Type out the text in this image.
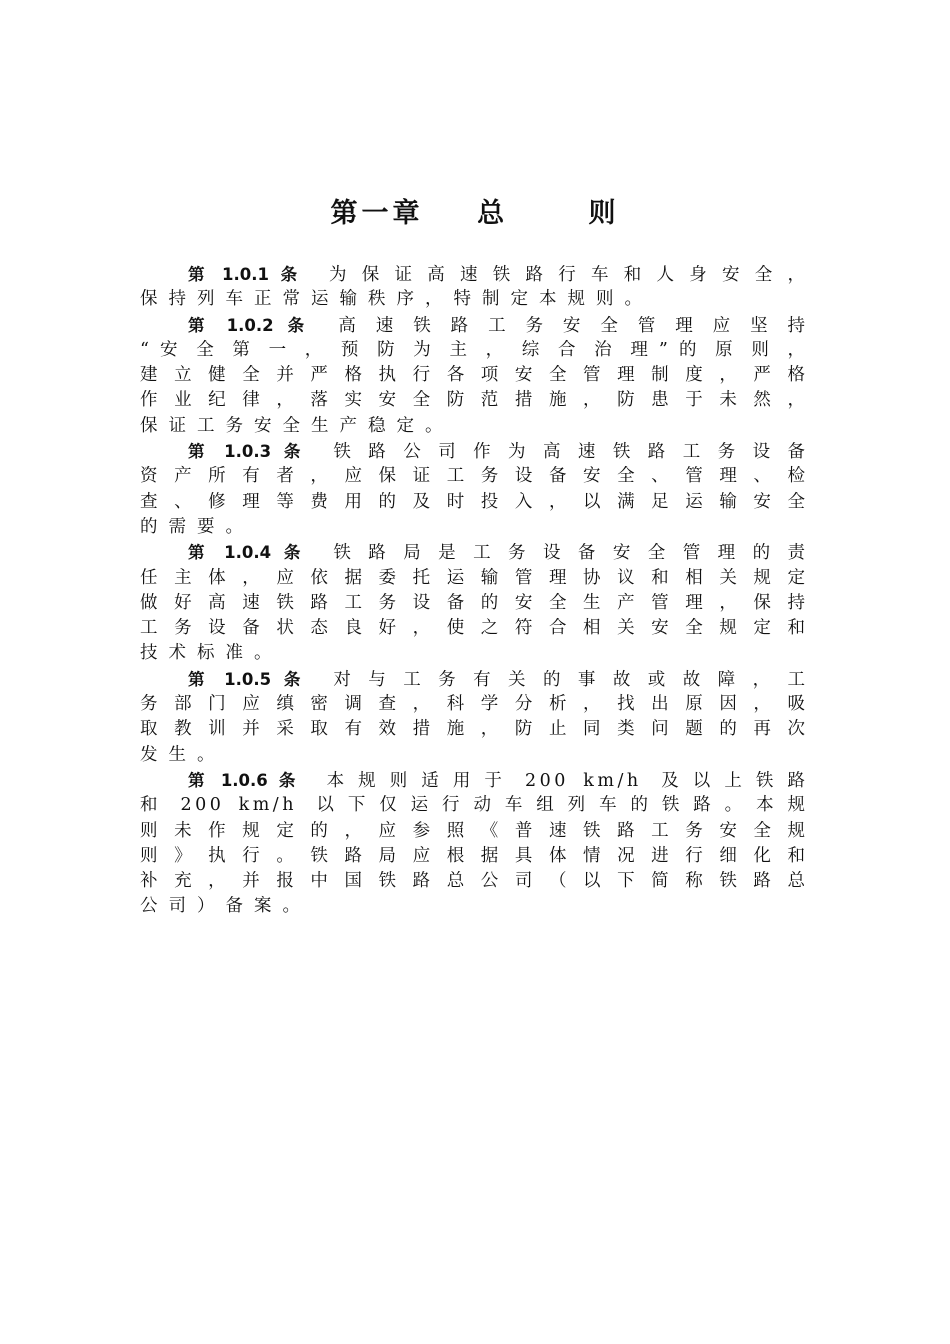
第一章    总      则
第 1.0.1 条 为 保 证 高 速 铁 路 行 车 和 人 身 安 全 ，
保持列车正常运输秩序，特制定本规则。
第 1.0.2 条 高 速 铁 路 工 务 安 全 管 理 应 坚 持
“ 安 全 第 一 ， 预 防 为 主 ， 综 合 治 理 ” 的 原 则 ，
建 立 健 全 并 严 格 执 行 各 项 安 全 管 理 制 度 ， 严 格
作 业 纪 律 ， 落 实 安 全 防 范 措 施 ， 防 患 于 未 然 ，
保证工务安全生产稳定。
第 1.0.3 条 铁 路 公 司 作 为 高 速 铁 路 工 务 设 备
资 产 所 有 者 ， 应 保 证 工 务 设 备 安 全 、 管 理 、 检
查 、 修 理 等 费 用 的 及 时 投 入 ， 以 满 足 运 输 安 全
的需要。
第 1.0.4 条 铁 路 局 是 工 务 设 备 安 全 管 理 的 责
任 主 体 ， 应 依 据 委 托 运 输 管 理 协 议 和 相 关 规 定
做 好 高 速 铁 路 工 务 设 备 的 安 全 生 产 管 理 ， 保 持
工 务 设 备 状 态 良 好 ， 使 之 符 合 相 关 安 全 规 定 和
技术标准。
第 1.0.5 条 对 与 工 务 有 关 的 事 故 或 故 障 ， 工
务 部 门 应 缜 密 调 查 ， 科 学 分 析 ， 找 出 原 因 ， 吸
取 教 训 并 采 取 有 效 措 施 ， 防 止 同 类 问 题 的 再 次
发生。
第 1.0.6 条 本 规 则 适 用 于   2 0 0   k m / h   及 以 上 铁 路
和   2 0 0   k m / h   以 下 仅 运 行 动 车 组 列 车 的 铁 路 。 本 规
则 未 作 规 定 的 ， 应 参 照 《 普 速 铁 路 工 务 安 全 规
则 》 执 行 。 铁 路 局 应 根 据 具 体 情 况 进 行 细 化 和
补 充 ， 并 报 中 国 铁 路 总 公 司 （ 以 下 简 称 铁 路 总
公司）备案。
